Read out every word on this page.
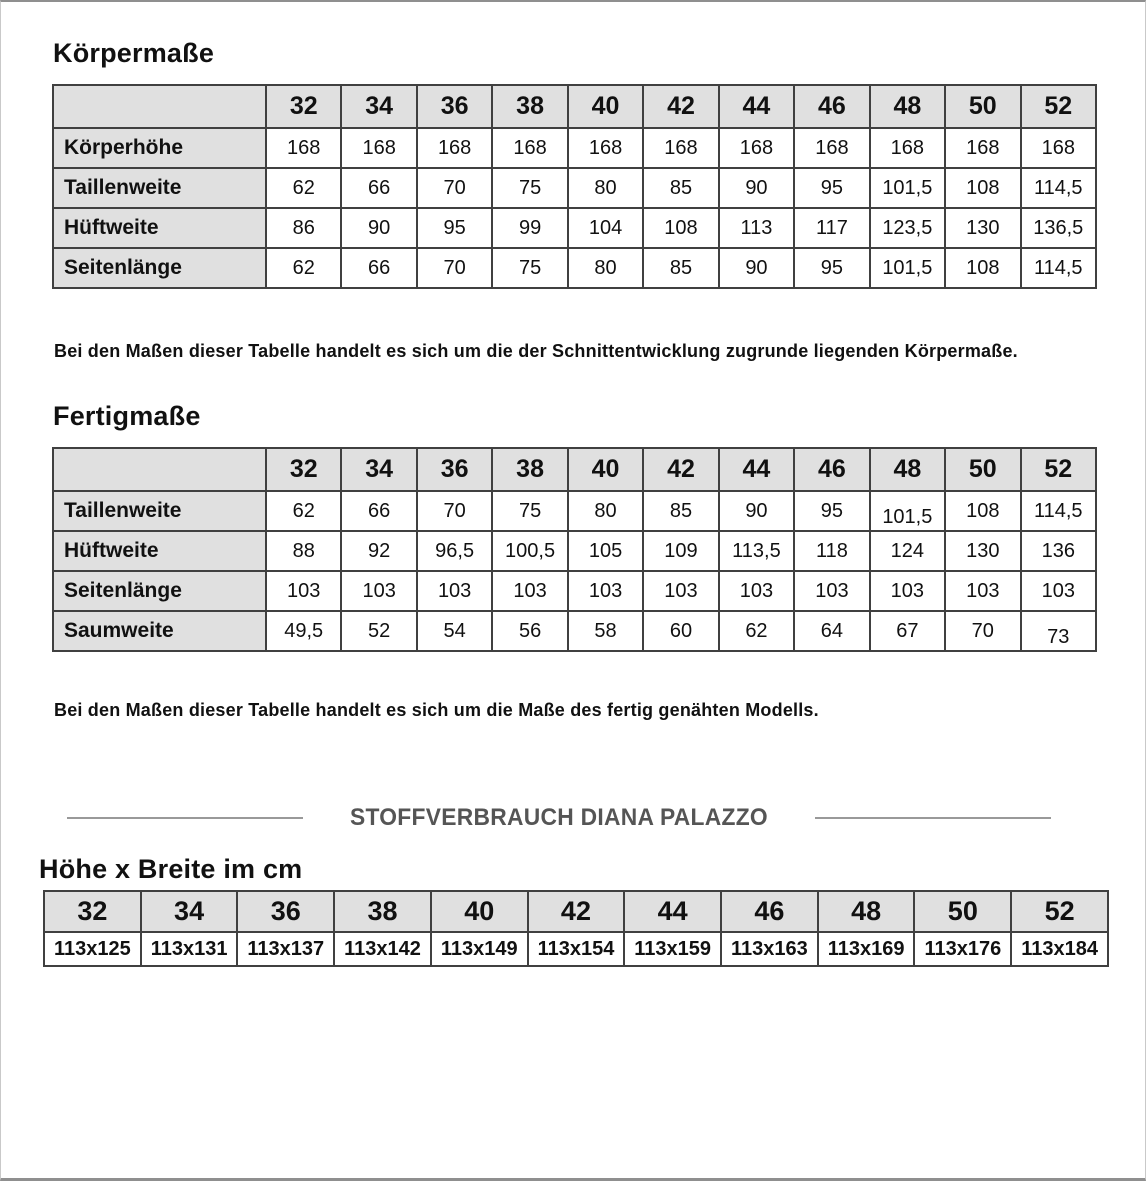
Körpermaße
	32	34	36	38	40	42	44	46	48	50	52
Körperhöhe	168	168	168	168	168	168	168	168	168	168	168
Taillenweite	62	66	70	75	80	85	90	95	101,5	108	114,5
Hüftweite	86	90	95	99	104	108	113	117	123,5	130	136,5
Seitenlänge	62	66	70	75	80	85	90	95	101,5	108	114,5

Bei den Maßen dieser Tabelle handelt es sich um die der Schnittentwicklung zugrunde liegenden Körpermaße.

Fertigmaße
	32	34	36	38	40	42	44	46	48	50	52
Taillenweite	62	66	70	75	80	85	90	95	101,5	108	114,5
Hüftweite	88	92	96,5	100,5	105	109	113,5	118	124	130	136
Seitenlänge	103	103	103	103	103	103	103	103	103	103	103
Saumweite	49,5	52	54	56	58	60	62	64	67	70	73

Bei den Maßen dieser Tabelle handelt es sich um die Maße des fertig genähten Modells.

STOFFVERBRAUCH DIANA PALAZZO
Höhe x Breite im cm
32	34	36	38	40	42	44	46	48	50	52
113x125	113x131	113x137	113x142	113x149	113x154	113x159	113x163	113x169	113x176	113x184
